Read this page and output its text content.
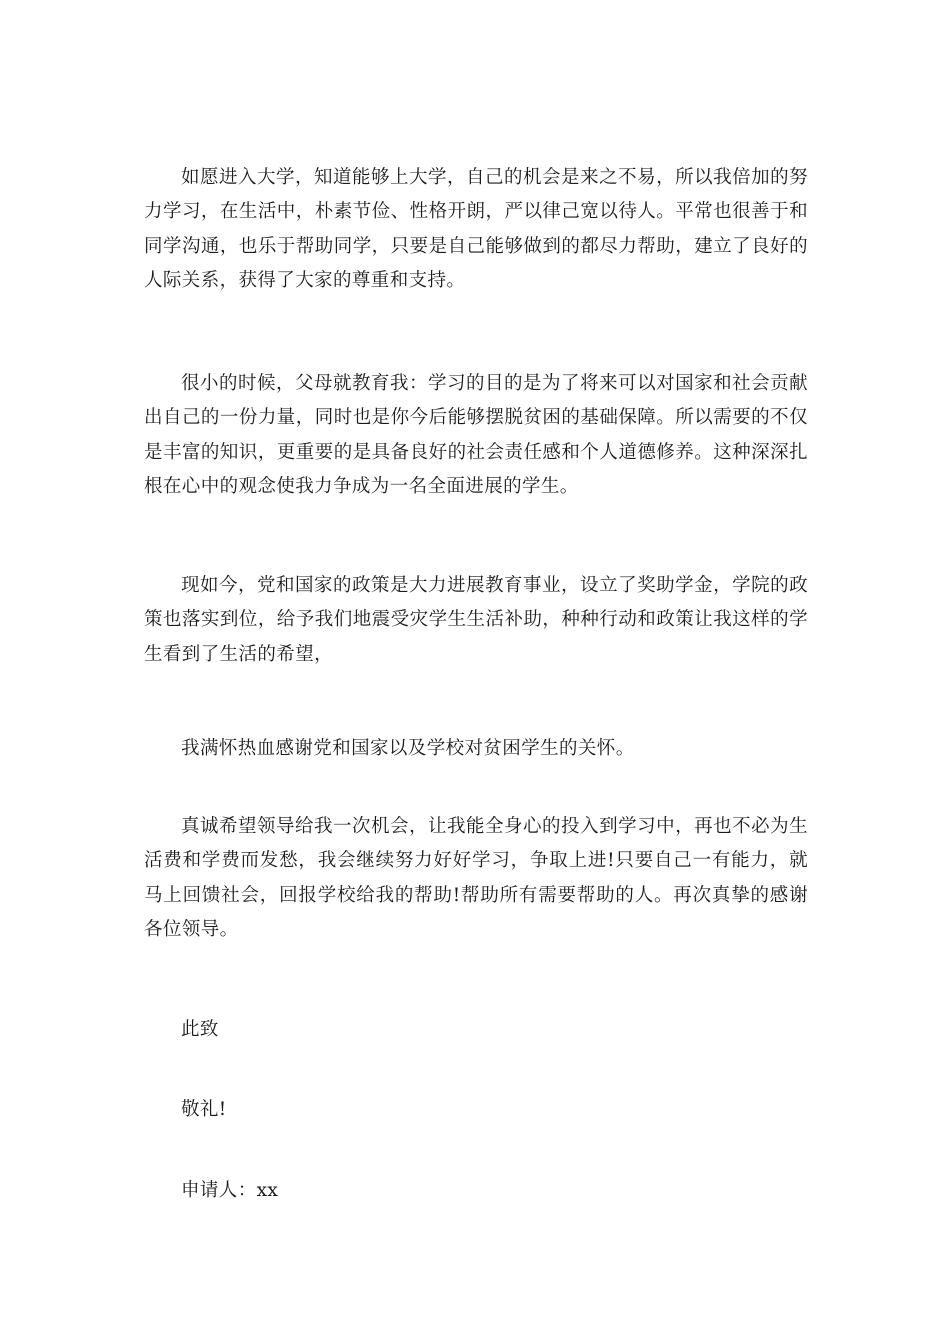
如愿进入大学，知道能够上大学，自己的机会是来之不易，所以我倍加的努力学习，在生活中，朴素节俭、性格开朗，严以律己宽以待人。平常也很善于和同学沟通，也乐于帮助同学，只要是自己能够做到的都尽力帮助，建立了良好的人际关系，获得了大家的尊重和支持。

很小的时候，父母就教育我：学习的目的是为了将来可以对国家和社会贡献出自己的一份力量，同时也是你今后能够摆脱贫困的基础保障。所以需要的不仅是丰富的知识，更重要的是具备良好的社会责任感和个人道德修养。这种深深扎根在心中的观念使我力争成为一名全面进展的学生。

现如今，党和国家的政策是大力进展教育事业，设立了奖助学金，学院的政策也落实到位，给予我们地震受灾学生生活补助，种种行动和政策让我这样的学生看到了生活的希望，

我满怀热血感谢党和国家以及学校对贫困学生的关怀。

真诚希望领导给我一次机会，让我能全身心的投入到学习中，再也不必为生活费和学费而发愁，我会继续努力好好学习，争取上进!只要自己一有能力，就马上回馈社会，回报学校给我的帮助!帮助所有需要帮助的人。再次真挚的感谢各位领导。

此致

敬礼!

申请人：xx
